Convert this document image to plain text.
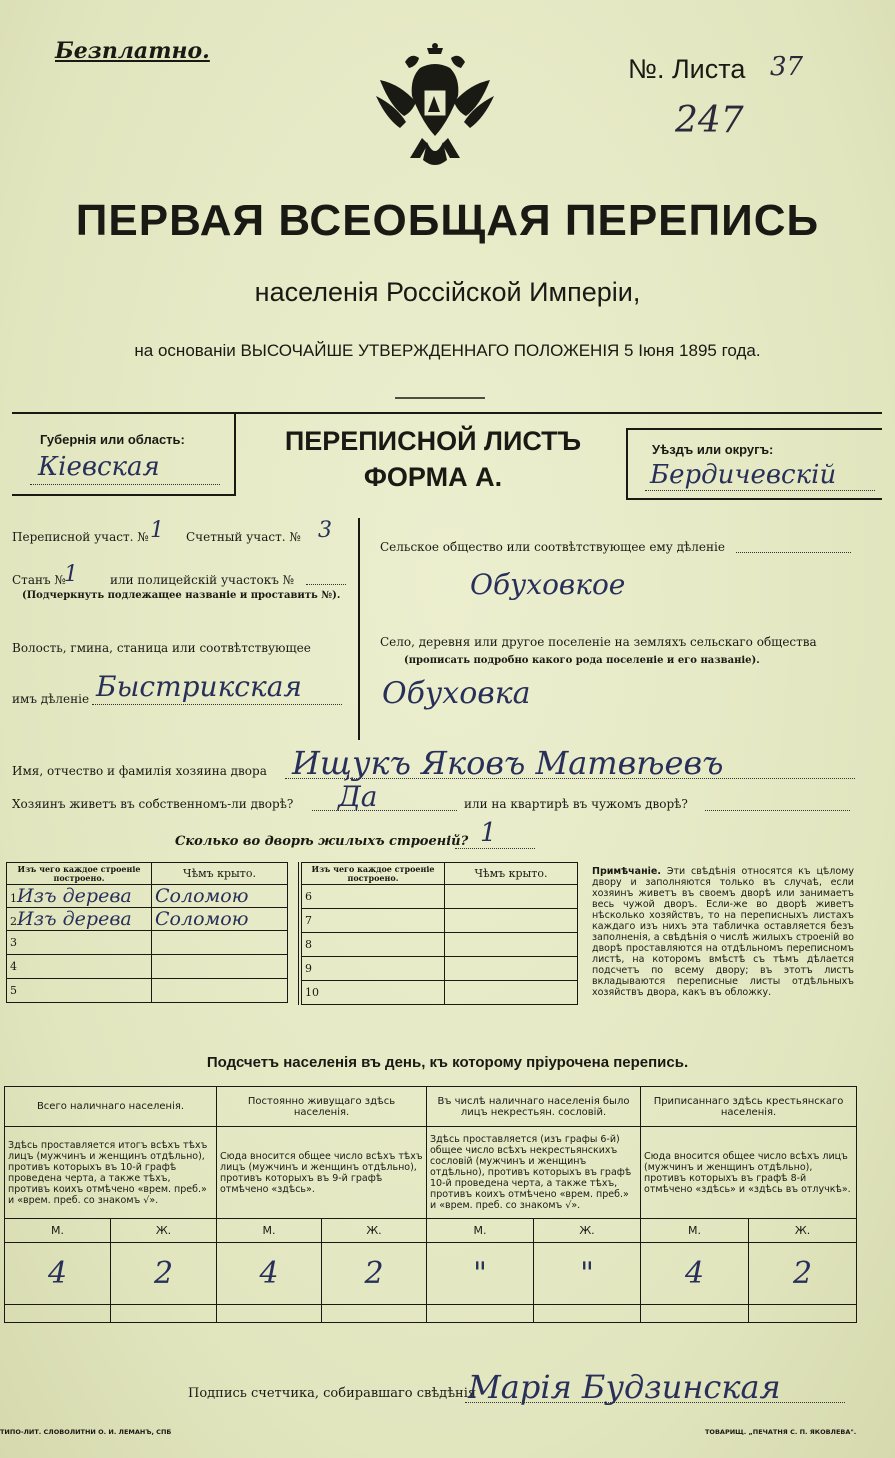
Безплатно.
№. Листа 37
247
ПЕРВАЯ ВСЕОБЩАЯ ПЕРЕПИСЬ
населенія Россійской Имперіи,
на основаніи ВЫСОЧАЙШЕ УТВЕРЖДЕННАГО ПОЛОЖЕНІЯ 5 Іюня 1895 года.
Губернія или область:
Кіевская
ПЕРЕПИСНОЙ ЛИСТЪ
ФОРМА А.
Уѣздъ или округъ:
Бердичевскій
Переписной участ. № 1 Счетный участ. № 3
Станъ №
1	или полицейскій участокъ №
(Подчеркнуть подлежащее названіе и проставить №).
Волость, гмина, станица или соотвѣтствующее
имъ дѣленіе Быстрикская
Сельское общество или соотвѣтствующее ему дѣленіе
Обуховкое
Село, деревня или другое поселеніе на земляхъ сельскаго общества
(прописать подробно какого рода поселеніе и его названіе).
Обуховка
Имя, отчество и фамилія хозяина двора Ищукъ Яковъ Матвѣевъ
Хозяинъ живетъ въ собственномъ-ли дворѣ? Да	или на квартирѣ въ чужомъ дворѣ?
Сколько во дворѣ жилыхъ строеній? 1
Изъ чего каждое строеніе построено.	Чѣмъ крыто.
1Изъ дерева	Соломою
2Изъ дерева	Соломою
3	
4	
5	
Изъ чего каждое строеніе построено.	Чѣмъ крыто.
6	
7	
8	
9	
10	
Примѣчаніе. Эти свѣдѣнія относятся къ цѣлому двору и заполняются только въ случаѣ, если хозяинъ живетъ въ своемъ дворѣ или занимаетъ весь чужой дворъ. Если-же во дворѣ живетъ нѣсколько хозяйствъ, то на переписныхъ листахъ каждаго изъ нихъ эта табличка оставляется безъ заполненія, а свѣдѣнія о числѣ жилыхъ строеній во дворѣ проставляются на отдѣльномъ переписномъ листѣ, на которомъ вмѣстѣ съ тѣмъ дѣлается подсчетъ по всему двору; въ этотъ листъ вкладываются переписные листы отдѣльныхъ хозяйствъ двора, какъ въ обложку.
Подсчетъ населенія въ день, къ которому пріурочена перепись.
Всего наличнаго населенія.		Постоянно живущаго здѣсь населенія.		Въ числѣ наличнаго населенія было лицъ некрестьян. сословій.		Приписаннаго здѣсь крестьянскаго населенія.	
Здѣсь проставляется итогъ всѣхъ тѣхъ лицъ (мужчинъ и женщинъ отдѣльно), противъ которыхъ въ 10-й графѣ проведена черта, а также тѣхъ, противъ коихъ отмѣчено «врем. преб.» и «врем. преб. со знакомъ √».		Сюда вносится общее число всѣхъ тѣхъ лицъ (мужчинъ и женщинъ отдѣльно), противъ которыхъ въ 9-й графѣ отмѣчено «здѣсь».		Здѣсь проставляется (изъ графы 6-й) общее число всѣхъ некрестьянскихъ сословій (мужчинъ и женщинъ отдѣльно), противъ которыхъ въ графѣ 10-й проведена черта, а также тѣхъ, противъ коихъ отмѣчено «врем. преб.» и «врем. преб. со знакомъ √».		Сюда вносится общее число всѣхъ лицъ (мужчинъ и женщинъ отдѣльно), противъ которыхъ въ графѣ 8-й отмѣчено «здѣсь» и «здѣсь въ отлучкѣ».	
М.	Ж.	М.	Ж.	М.	Ж.	М.	Ж.
4	2	4	2	"	"	4	2

Подпись счетчика, собиравшаго свѣдѣнія
Марія Будзинская
ТИПО-ЛИТ. СЛОВОЛИТНИ О. И. ЛЕМАНЪ, СПБ	ТОВАРИЩ. „ПЕЧАТНЯ С. П. ЯКОВЛЕВА".
